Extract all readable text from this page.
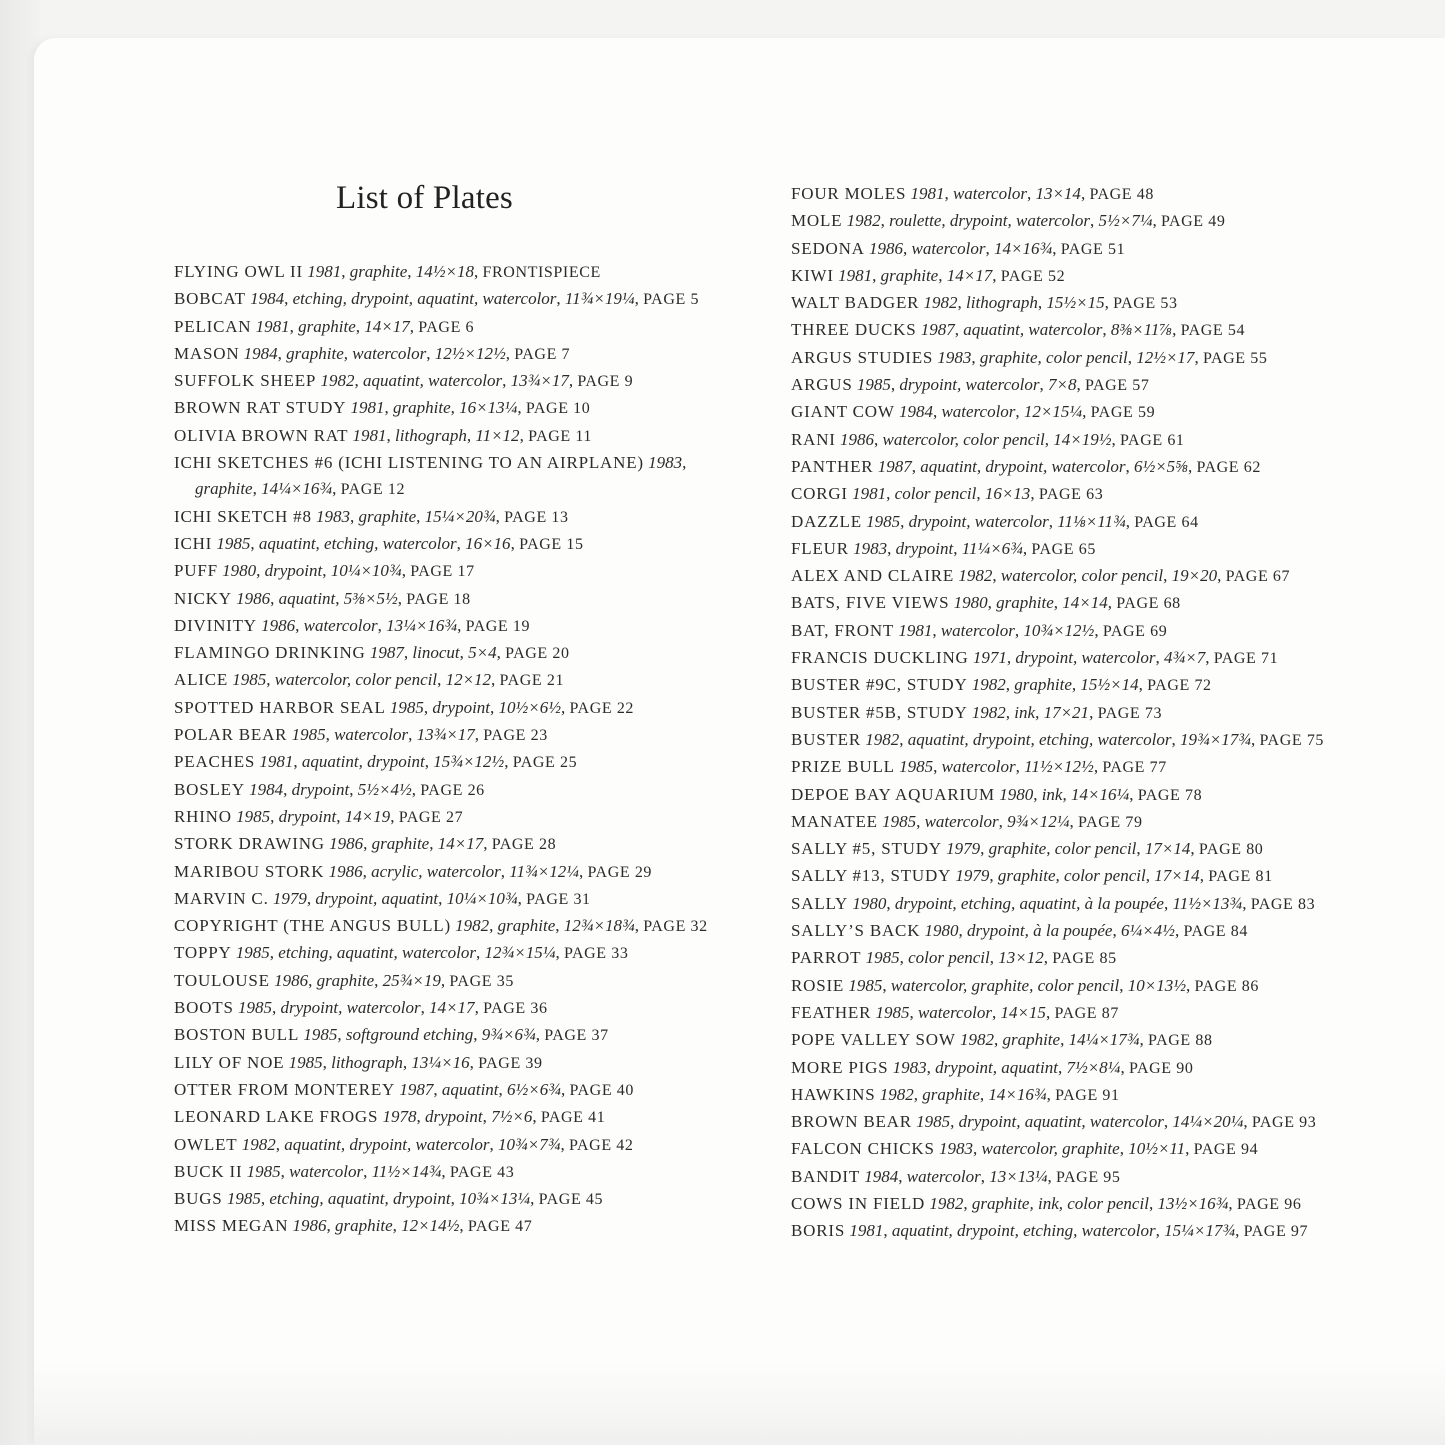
List of Plates
FLYING OWL II 1981, graphite, 14½×18, FRONTISPIECE
BOBCAT 1984, etching, drypoint, aquatint, watercolor, 11¾×19¼, PAGE 5
PELICAN 1981, graphite, 14×17, PAGE 6
MASON 1984, graphite, watercolor, 12½×12½, PAGE 7
SUFFOLK SHEEP 1982, aquatint, watercolor, 13¾×17, PAGE 9
BROWN RAT STUDY 1981, graphite, 16×13¼, PAGE 10
OLIVIA BROWN RAT 1981, lithograph, 11×12, PAGE 11
ICHI SKETCHES #6 (ICHI LISTENING TO AN AIRPLANE) 1983,
graphite, 14¼×16¾, PAGE 12
ICHI SKETCH #8 1983, graphite, 15¼×20¾, PAGE 13
ICHI 1985, aquatint, etching, watercolor, 16×16, PAGE 15
PUFF 1980, drypoint, 10¼×10¾, PAGE 17
NICKY 1986, aquatint, 5⅜×5½, PAGE 18
DIVINITY 1986, watercolor, 13¼×16¾, PAGE 19
FLAMINGO DRINKING 1987, linocut, 5×4, PAGE 20
ALICE 1985, watercolor, color pencil, 12×12, PAGE 21
SPOTTED HARBOR SEAL 1985, drypoint, 10½×6½, PAGE 22
POLAR BEAR 1985, watercolor, 13¾×17, PAGE 23
PEACHES 1981, aquatint, drypoint, 15¾×12½, PAGE 25
BOSLEY 1984, drypoint, 5½×4½, PAGE 26
RHINO 1985, drypoint, 14×19, PAGE 27
STORK DRAWING 1986, graphite, 14×17, PAGE 28
MARIBOU STORK 1986, acrylic, watercolor, 11¾×12¼, PAGE 29
MARVIN C. 1979, drypoint, aquatint, 10¼×10¾, PAGE 31
COPYRIGHT (THE ANGUS BULL) 1982, graphite, 12¾×18¾, PAGE 32
TOPPY 1985, etching, aquatint, watercolor, 12¾×15¼, PAGE 33
TOULOUSE 1986, graphite, 25¾×19, PAGE 35
BOOTS 1985, drypoint, watercolor, 14×17, PAGE 36
BOSTON BULL 1985, softground etching, 9¾×6¾, PAGE 37
LILY OF NOE 1985, lithograph, 13¼×16, PAGE 39
OTTER FROM MONTEREY 1987, aquatint, 6½×6¾, PAGE 40
LEONARD LAKE FROGS 1978, drypoint, 7½×6, PAGE 41
OWLET 1982, aquatint, drypoint, watercolor, 10¾×7¾, PAGE 42
BUCK II 1985, watercolor, 11½×14¾, PAGE 43
BUGS 1985, etching, aquatint, drypoint, 10¾×13¼, PAGE 45
MISS MEGAN 1986, graphite, 12×14½, PAGE 47
FOUR MOLES 1981, watercolor, 13×14, PAGE 48
MOLE 1982, roulette, drypoint, watercolor, 5½×7¼, PAGE 49
SEDONA 1986, watercolor, 14×16¾, PAGE 51
KIWI 1981, graphite, 14×17, PAGE 52
WALT BADGER 1982, lithograph, 15½×15, PAGE 53
THREE DUCKS 1987, aquatint, watercolor, 8⅜×11⅞, PAGE 54
ARGUS STUDIES 1983, graphite, color pencil, 12½×17, PAGE 55
ARGUS 1985, drypoint, watercolor, 7×8, PAGE 57
GIANT COW 1984, watercolor, 12×15¼, PAGE 59
RANI 1986, watercolor, color pencil, 14×19½, PAGE 61
PANTHER 1987, aquatint, drypoint, watercolor, 6½×5⅝, PAGE 62
CORGI 1981, color pencil, 16×13, PAGE 63
DAZZLE 1985, drypoint, watercolor, 11⅛×11¾, PAGE 64
FLEUR 1983, drypoint, 11¼×6¾, PAGE 65
ALEX AND CLAIRE 1982, watercolor, color pencil, 19×20, PAGE 67
BATS, FIVE VIEWS 1980, graphite, 14×14, PAGE 68
BAT, FRONT 1981, watercolor, 10¾×12½, PAGE 69
FRANCIS DUCKLING 1971, drypoint, watercolor, 4¾×7, PAGE 71
BUSTER #9C, STUDY 1982, graphite, 15½×14, PAGE 72
BUSTER #5B, STUDY 1982, ink, 17×21, PAGE 73
BUSTER 1982, aquatint, drypoint, etching, watercolor, 19¾×17¾, PAGE 75
PRIZE BULL 1985, watercolor, 11½×12½, PAGE 77
DEPOE BAY AQUARIUM 1980, ink, 14×16¼, PAGE 78
MANATEE 1985, watercolor, 9¾×12¼, PAGE 79
SALLY #5, STUDY 1979, graphite, color pencil, 17×14, PAGE 80
SALLY #13, STUDY 1979, graphite, color pencil, 17×14, PAGE 81
SALLY 1980, drypoint, etching, aquatint, à la poupée, 11½×13¾, PAGE 83
SALLY’S BACK 1980, drypoint, à la poupée, 6¼×4½, PAGE 84
PARROT 1985, color pencil, 13×12, PAGE 85
ROSIE 1985, watercolor, graphite, color pencil, 10×13½, PAGE 86
FEATHER 1985, watercolor, 14×15, PAGE 87
POPE VALLEY SOW 1982, graphite, 14¼×17¾, PAGE 88
MORE PIGS 1983, drypoint, aquatint, 7½×8¼, PAGE 90
HAWKINS 1982, graphite, 14×16¾, PAGE 91
BROWN BEAR 1985, drypoint, aquatint, watercolor, 14¼×20¼, PAGE 93
FALCON CHICKS 1983, watercolor, graphite, 10½×11, PAGE 94
BANDIT 1984, watercolor, 13×13¼, PAGE 95
COWS IN FIELD 1982, graphite, ink, color pencil, 13½×16¾, PAGE 96
BORIS 1981, aquatint, drypoint, etching, watercolor, 15¼×17¾, PAGE 97
